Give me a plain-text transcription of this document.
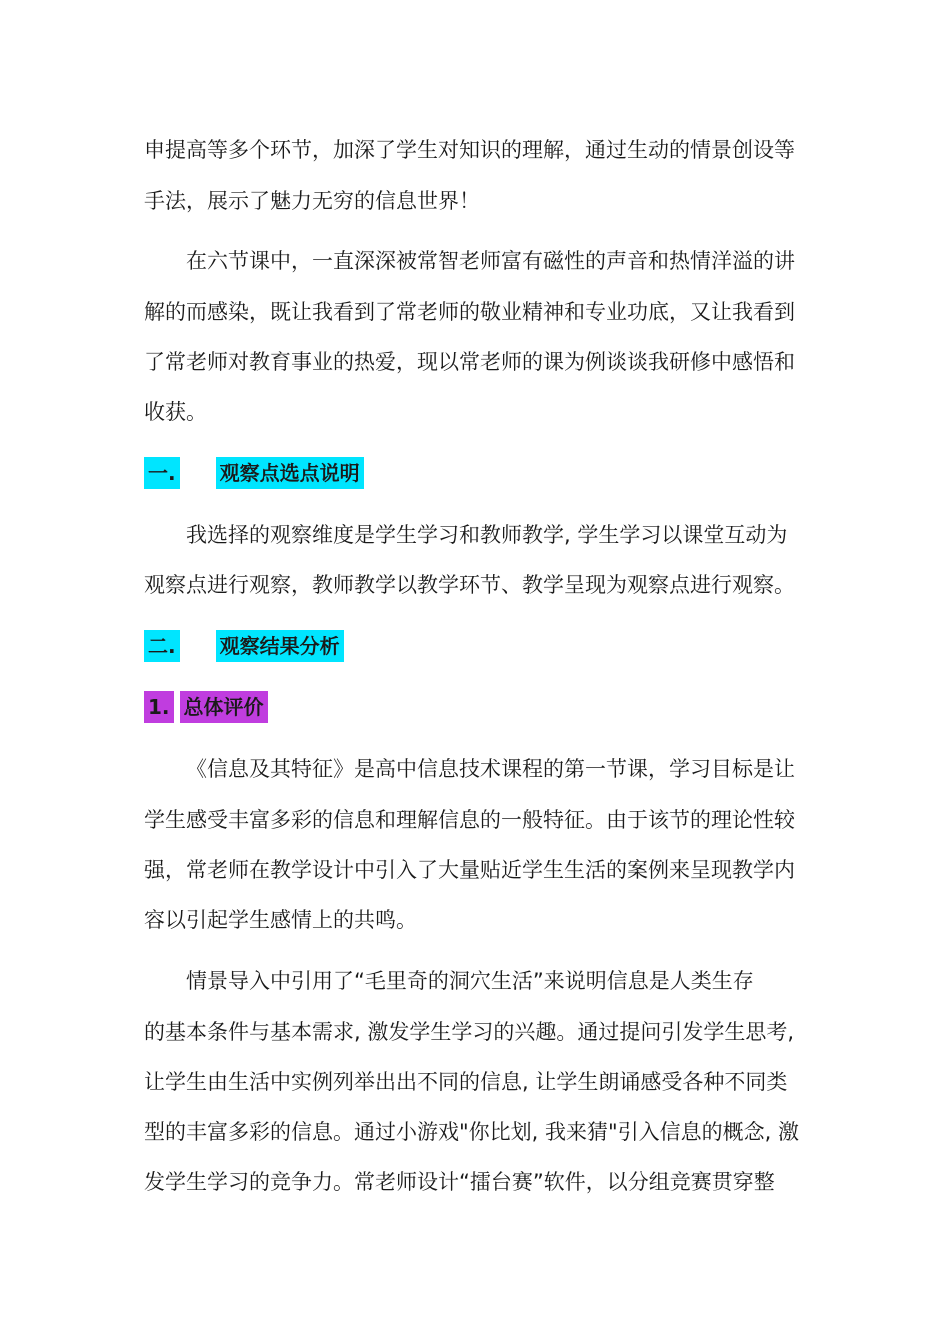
申提高等多个环节，加深了学生对知识的理解，通过生动的情景创设等
手法，展示了魅力无穷的信息世界！
在六节课中，一直深深被常智老师富有磁性的声音和热情洋溢的讲
解的而感染，既让我看到了常老师的敬业精神和专业功底，又让我看到
了常老师对教育事业的热爱，现以常老师的课为例谈谈我研修中感悟和
收获。
一. 观察点选点说明
我选择的观察维度是学生学习和教师教学, 学生学习以课堂互动为
观察点进行观察，教师教学以教学环节、教学呈现为观察点进行观察。
二. 观察结果分析
1. 总体评价
《信息及其特征》是高中信息技术课程的第一节课，学习目标是让
学生感受丰富多彩的信息和理解信息的一般特征。由于该节的理论性较
强，常老师在教学设计中引入了大量贴近学生生活的案例来呈现教学内
容以引起学生感情上的共鸣。
情景导入中引用了“毛里奇的洞穴生活”来说明信息是人类生存
的基本条件与基本需求, 激发学生学习的兴趣。通过提问引发学生思考,
让学生由生活中实例列举出出不同的信息, 让学生朗诵感受各种不同类
型的丰富多彩的信息。通过小游戏"你比划, 我来猜"引入信息的概念, 激
发学生学习的竞争力。常老师设计“擂台赛”软件，以分组竞赛贯穿整
